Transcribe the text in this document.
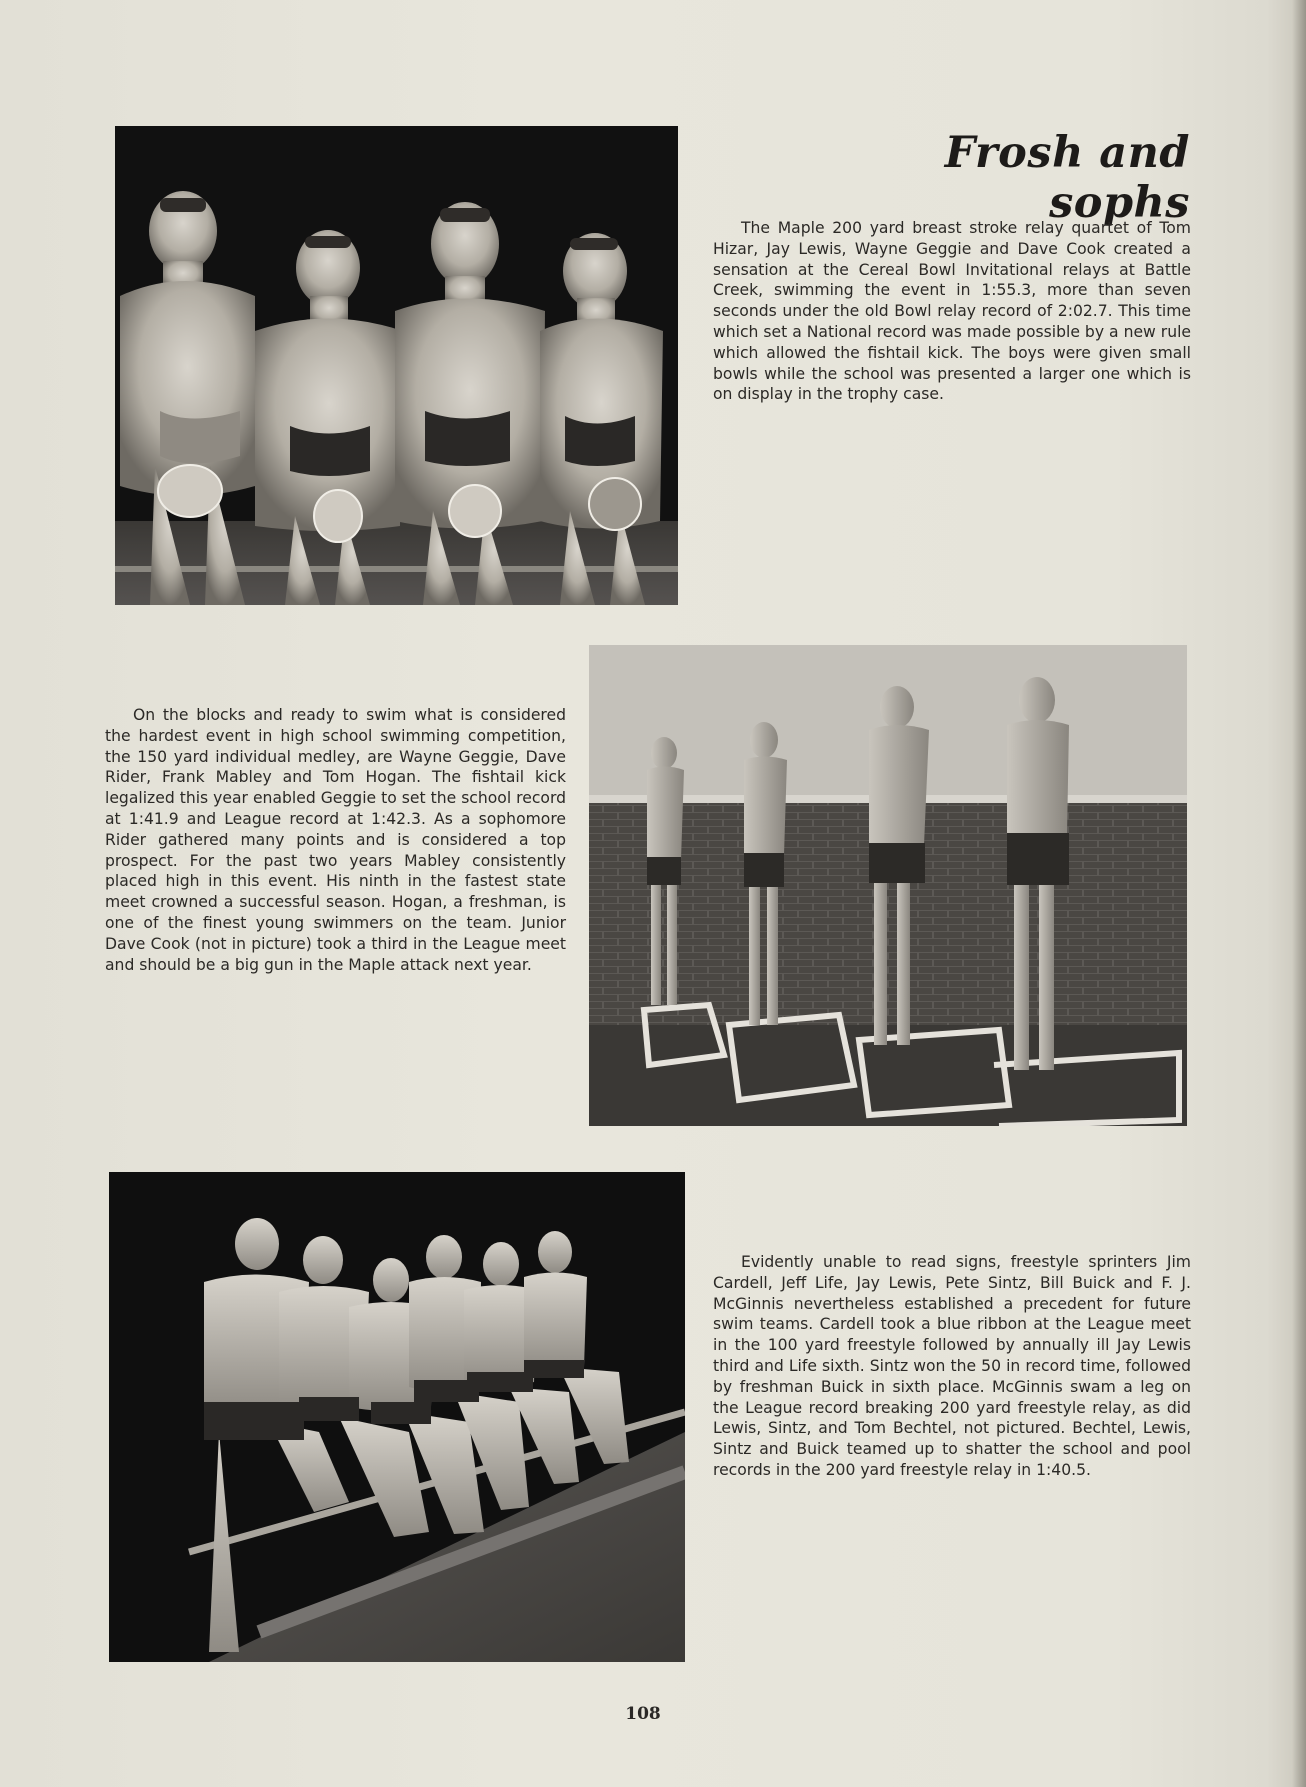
Frosh and sophs
The Maple 200 yard breast stroke relay quartet of Tom Hizar, Jay Lewis, Wayne Geggie and Dave Cook created a sensation at the Cereal Bowl Invitational relays at Battle Creek, swimming the event in 1:55.3, more than seven seconds under the old Bowl relay record of 2:02.7. This time which set a National record was made possible by a new rule which allowed the fishtail kick. The boys were given small bowls while the school was presented a larger one which is on display in the trophy case.
On the blocks and ready to swim what is considered the hardest event in high school swimming competition, the 150 yard individual medley, are Wayne Geggie, Dave Rider, Frank Mabley and Tom Hogan. The fishtail kick legalized this year enabled Geggie to set the school record at 1:41.9 and League record at 1:42.3. As a sophomore Rider gathered many points and is considered a top prospect. For the past two years Mabley consistently placed high in this event. His ninth in the fastest state meet crowned a successful season. Hogan, a freshman, is one of the finest young swimmers on the team. Junior Dave Cook (not in picture) took a third in the League meet and should be a big gun in the Maple attack next year.
Evidently unable to read signs, freestyle sprinters Jim Cardell, Jeff Life, Jay Lewis, Pete Sintz, Bill Buick and F. J. McGinnis nevertheless established a precedent for future swim teams. Cardell took a blue ribbon at the League meet in the 100 yard freestyle followed by annually ill Jay Lewis third and Life sixth. Sintz won the 50 in record time, followed by freshman Buick in sixth place. McGinnis swam a leg on the League record breaking 200 yard freestyle relay, as did Lewis, Sintz, and Tom Bechtel, not pictured. Bechtel, Lewis, Sintz and Buick teamed up to shatter the school and pool records in the 200 yard freestyle relay in 1:40.5.
108
